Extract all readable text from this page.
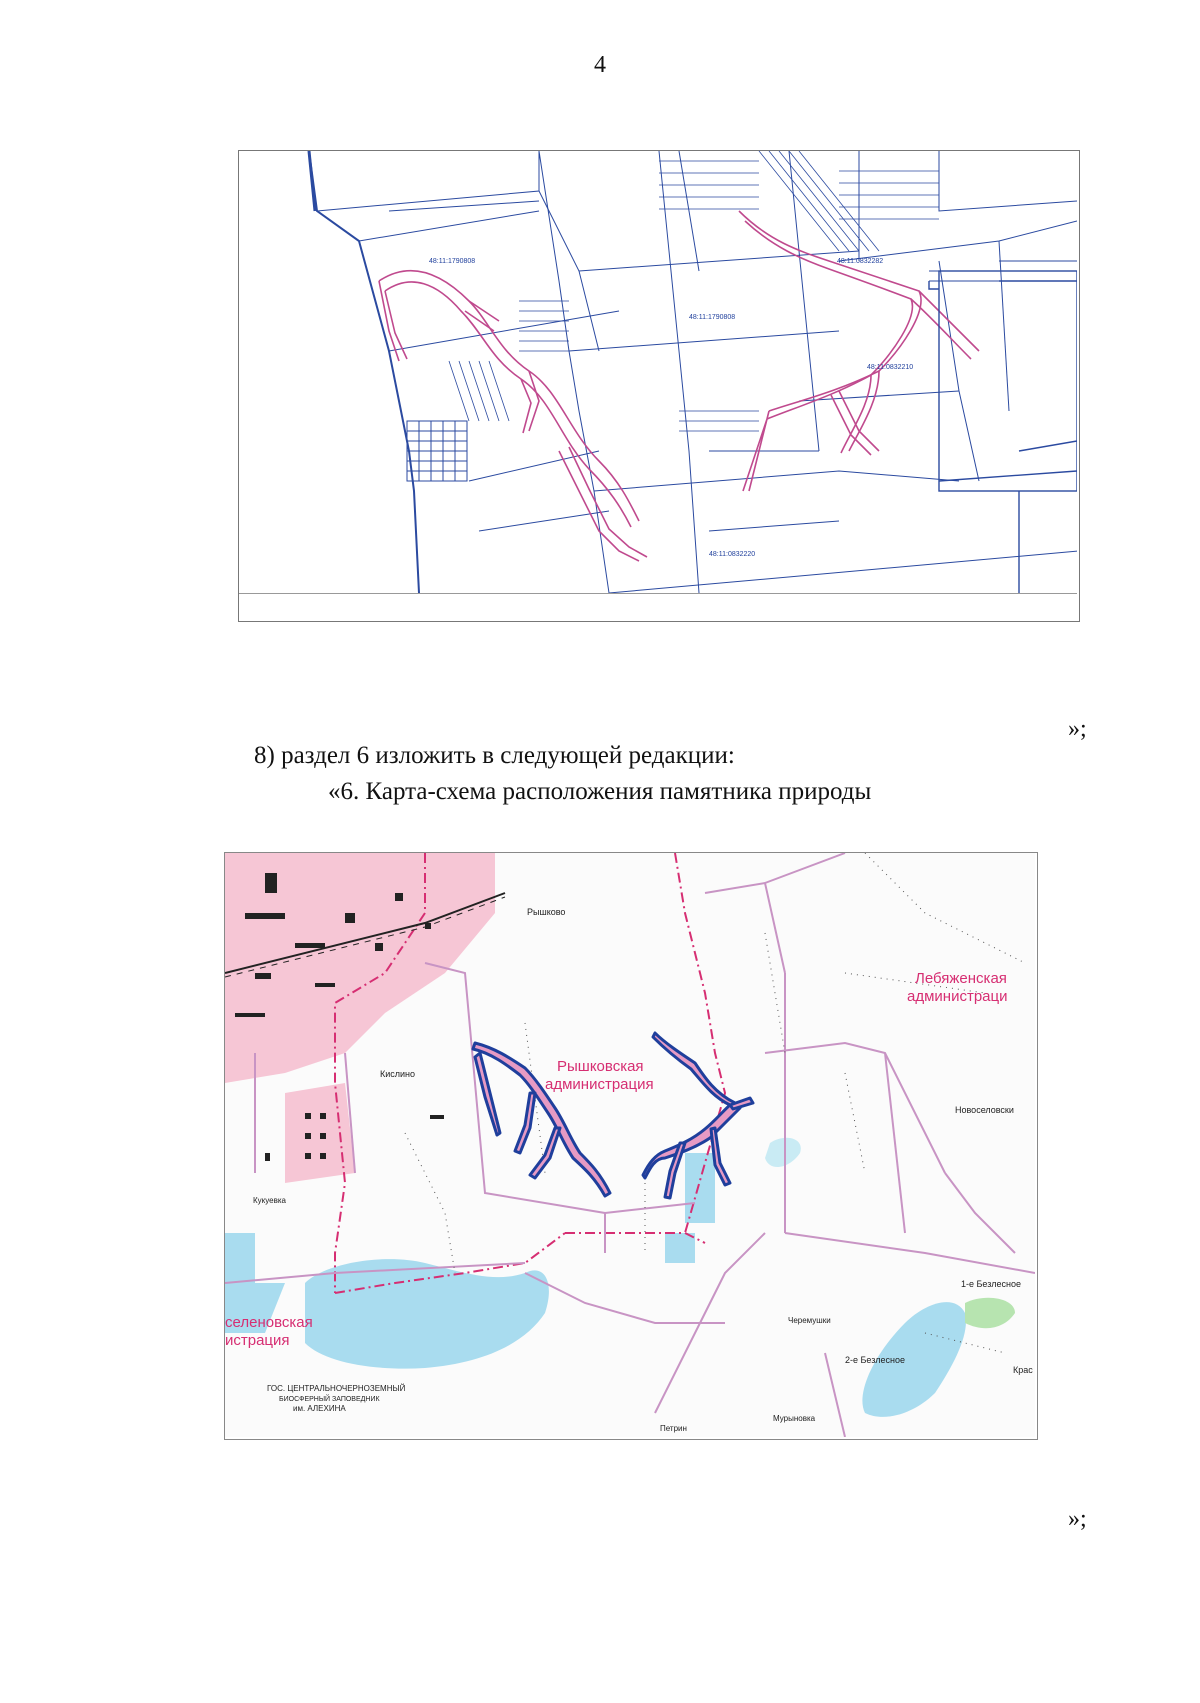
4
48:11:1790808
48:11:1790808
48:11:0832282
48:11:0832210
48:11:0832220
»;
8) раздел 6 изложить в следующей редакции:
«6. Карта-схема расположения памятника природы
Рышково
Лебяженская
администраци
Рышковская
администрация
Кислино
Новоселовски
Кукуевка
1-е Безлесное
селеновская
истрация
Черемушки
2-е Безлесное
Крас
ГОС. ЦЕНТРАЛЬНОЧЕРНОЗЕМНЫЙ
БИОСФЕРНЫЙ ЗАПОВЕДНИК
им. АЛЕХИНА
Петрин
Мурыновка
»;
